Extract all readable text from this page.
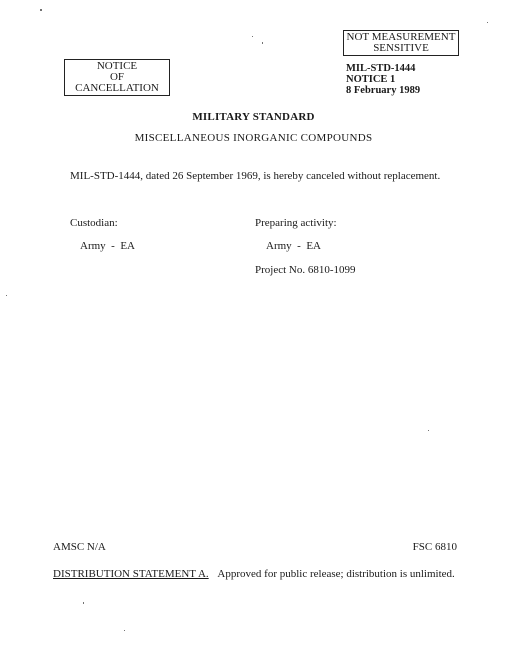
NOTICE
OF CANCELLATION
NOT MEASUREMENT
SENSITIVE
MIL-STD-1444
NOTICE 1
8 February 1989
MILITARY STANDARD
MISCELLANEOUS INORGANIC COMPOUNDS
MIL-STD-1444, dated 26 September 1969, is hereby canceled without replacement.
Custodian:
Army  -  EA
Preparing activity:
Army  -  EA
Project No. 6810-1099
AMSC N/A	FSC 6810
DISTRIBUTION STATEMENT A. Approved for public release; distribution is unlimited.
